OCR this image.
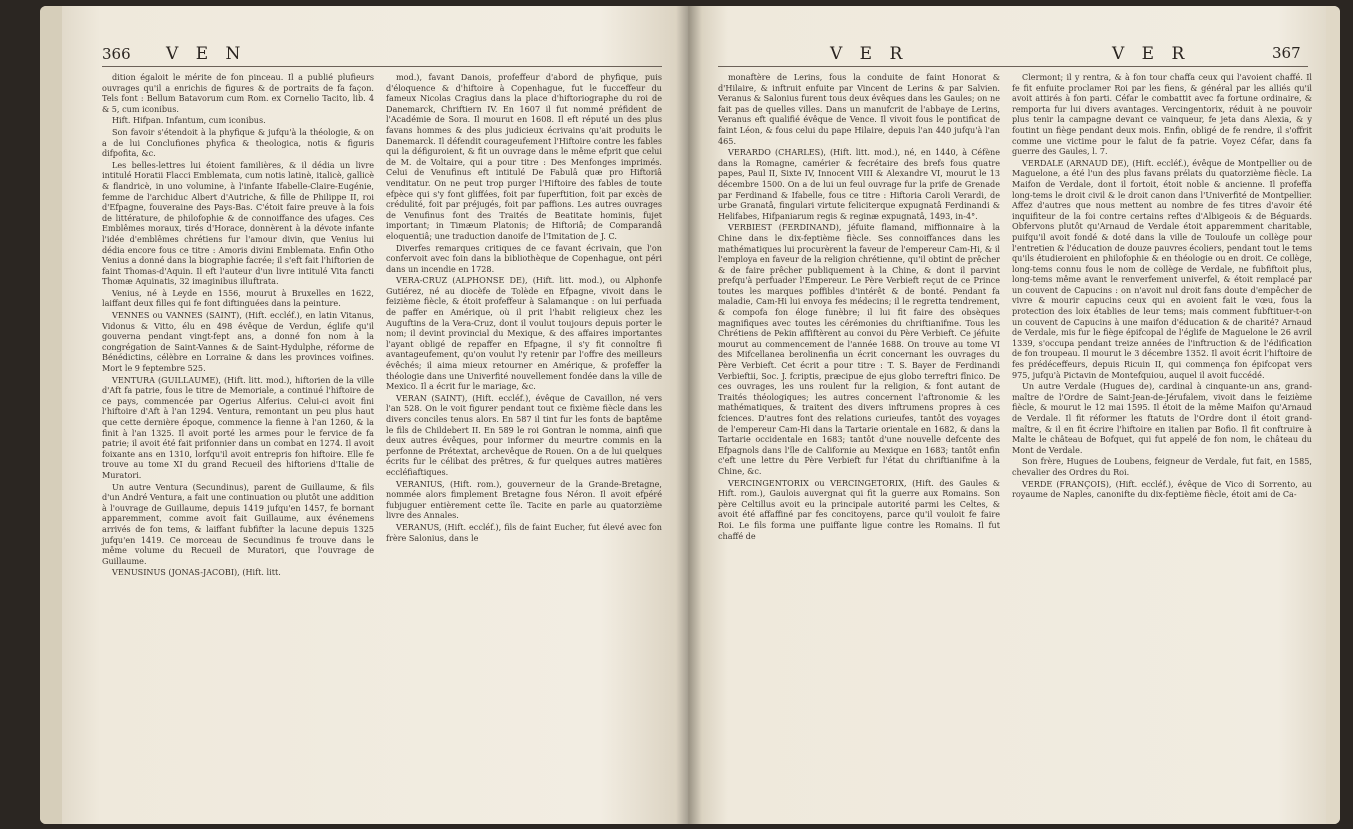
366 V E N

dition égaloit le mérite de fon pinceau. Il a publié plufieurs ouvrages qu'il a enrichis de figures & de portraits de fa façon. Tels font : Bellum Batavorum cum Rom. ex Cornelio Tacito, lib. 4 & 5, cum iconibus.

Hift. Hifpan. Infantum, cum iconibus.

Son favoir s'étendoit à la phyfique & jufqu'à la théologie, & on a de lui Conclufiones phyfica & theologica, notis & figuris difpofita, &c.

Les belles-lettres lui étoient familières, & il dédia un livre intitulé Horatii Flacci Emblemata, cum notis latinè, italicè, gallicè & flandricè, in uno volumine, à l'infante Ifabelle-Claire-Eugénie, femme de l'archiduc Albert d'Autriche, & fille de Philippe II, roi d'Efpagne, fouveraine des Pays-Bas. C'étoit faire preuve à la fois de littérature, de philofophie & de connoiffance des ufages. Ces Emblêmes moraux, tirés d'Horace, donnèrent à la dévote infante l'idée d'emblêmes chrétiens fur l'amour divin, que Venius lui dédia encore fous ce titre : Amoris divini Emblemata. Enfin Otho Venius a donné dans la biographie facrée; il s'eft fait l'hiftorien de faint Thomas-d'Aquin. Il eft l'auteur d'un livre intitulé Vita fancti Thomæ Aquinatis, 32 imaginibus illuftrata.

Venius, né à Leyde en 1556, mourut à Bruxelles en 1622, laiffant deux filles qui fe font diftinguées dans la peinture.

VENNES ou VANNES (SAINT), (Hift. eccléf.), en latin Vitanus, Vidonus & Vitto, élu en 498 évêque de Verdun, églife qu'il gouverna pendant vingt-fept ans, a donné fon nom à la congrégation de Saint-Vannes & de Saint-Hydulphe, réforme de Bénédictins, célèbre en Lorraine & dans les provinces voifines. Mort le 9 feptembre 525.

VENTURA (GUILLAUME), (Hift. litt. mod.), hiftorien de la ville d'Aft fa patrie, fous le titre de Memoriale, a continué l'hiftoire de ce pays, commencée par Ogerius Alferius. Celui-ci avoit fini l'hiftoire d'Aft à l'an 1294. Ventura, remontant un peu plus haut que cette dernière époque, commence la fienne à l'an 1260, & la finit à l'an 1325. Il avoit porté les armes pour le fervice de fa patrie; il avoit été fait prifonnier dans un combat en 1274. Il avoit foixante ans en 1310, lorfqu'il avoit entrepris fon hiftoire. Elle fe trouve au tome XI du grand Recueil des hiftoriens d'Italie de Muratori.

Un autre Ventura (Secundinus), parent de Guillaume, & fils d'un André Ventura, a fait une continuation ou plutôt une addition à l'ouvrage de Guillaume, depuis 1419 jufqu'en 1457, fe bornant apparemment, comme avoit fait Guillaume, aux événemens arrivés de fon tems, & laiffant fubfifter la lacune depuis 1325 jufqu'en 1419. Ce morceau de Secundinus fe trouve dans le même volume du Recueil de Muratori, que l'ouvrage de Guillaume.

VENUSINUS (JONAS-JACOBI), (Hift. litt.

mod.), favant Danois, profeffeur d'abord de phyfique, puis d'éloquence & d'hiftoire à Copenhague, fut le fucceffeur du fameux Nicolas Cragius dans la place d'hiftoriographe du roi de Danemarck, Chriftiern IV. En 1607 il fut nommé préfident de l'Académie de Sora. Il mourut en 1608. Il eft réputé un des plus favans hommes & des plus judicieux écrivains qu'ait produits le Danemarck. Il défendit courageufement l'Hiftoire contre les fables qui la défiguroient, & fit un ouvrage dans le même efprit que celui de M. de Voltaire, qui a pour titre : Des Menfonges imprimés. Celui de Venufinus eft intitulé De Fabulâ quæ pro Hiftoriâ venditatur. On ne peut trop purger l'Hiftoire des fables de toute efpèce qui s'y font gliffées, foit par fuperftition, foit par excès de crédulité, foit par préjugés, foit par paffions. Les autres ouvrages de Venufinus font des Traités de Beatitate hominis, fujet important; in Timæum Platonis; de Hiftoriâ; de Comparandâ eloquentiâ; une traduction danoife de l'Imitation de J. C.

Diverfes remarques critiques de ce favant écrivain, que l'on confervoit avec foin dans la bibliothèque de Copenhague, ont péri dans un incendie en 1728.

VERA-CRUZ (ALPHONSE DE), (Hift. litt. mod.), ou Alphonfe Gutiérez, né au diocèfe de Tolède en Efpagne, vivoit dans le feizième fiècle, & étoit profeffeur à Salamanque : on lui perfuada de paffer en Amérique, où il prit l'habit religieux chez les Auguftins de la Vera-Cruz, dont il voulut toujours depuis porter le nom; il devint provincial du Mexique, & des affaires importantes l'ayant obligé de repaffer en Efpagne, il s'y fit connoître fi avantageufement, qu'on voulut l'y retenir par l'offre des meilleurs évêchés; il aima mieux retourner en Amérique, & profeffer la théologie dans une Univerfité nouvellement fondée dans la ville de Mexico. Il a écrit fur le mariage, &c.

VERAN (SAINT), (Hift. eccléf.), évêque de Cavaillon, né vers l'an 528. On le voit figurer pendant tout ce fixième fiècle dans les divers conciles tenus alors. En 587 il tint fur les fonts de baptême le fils de Childebert II. En 589 le roi Gontran le nomma, ainfi que deux autres évêques, pour informer du meurtre commis en la perfonne de Prétextat, archevêque de Rouen. On a de lui quelques écrits fur le célibat des prêtres, & fur quelques autres matières eccléfiaftiques.

VERANIUS, (Hift. rom.), gouverneur de la Grande-Bretagne, nommée alors fimplement Bretagne fous Néron. Il avoit efpéré fubjuguer entièrement cette île. Tacite en parle au quatorzième livre des Annales.

VERANUS, (Hift. eccléf.), fils de faint Eucher, fut élevé avec fon frère Salonius, dans le

V E R	V E R	367

monaftère de Lerins, fous la conduite de faint Honorat & d'Hilaire, & inftruit enfuite par Vincent de Lerins & par Salvien. Veranus & Salonius furent tous deux évêques dans les Gaules; on ne fait pas de quelles villes. Dans un manufcrit de l'abbaye de Lerins, Veranus eft qualifié évêque de Vence. Il vivoit fous le pontificat de faint Léon, & fous celui du pape Hilaire, depuis l'an 440 jufqu'à l'an 465.

VERARDO (CHARLES), (Hift. litt. mod.), né, en 1440, à Céfène dans la Romagne, camérier & fecrétaire des brefs fous quatre papes, Paul II, Sixte IV, Innocent VIII & Alexandre VI, mourut le 13 décembre 1500. On a de lui un feul ouvrage fur la prife de Grenade par Ferdinand & Ifabelle, fous ce titre : Hiftoria Caroli Verardi, de urbe Granatâ, fingulari virtute feliciterque expugnatâ Ferdinandi & Helifabes, Hifpaniarum regis & reginæ expugnatâ, 1493, in-4°.

VERBIEST (FERDINAND), jéfuite flamand, miffionnaire à la Chine dans le dix-feptième fiècle. Ses connoiffances dans les mathématiques lui procurèrent la faveur de l'empereur Cam-Hi, & il l'employa en faveur de la religion chrétienne, qu'il obtint de prêcher & de faire prêcher publiquement à la Chine, & dont il parvint prefqu'à perfuader l'Empereur. Le Père Verbieft reçut de ce Prince toutes les marques poffibles d'intérêt & de bonté. Pendant fa maladie, Cam-Hi lui envoya fes médecins; il le regretta tendrement, & compofa fon éloge funèbre; il lui fit faire des obsèques magnifiques avec toutes les cérémonies du chriftianifme. Tous les Chrétiens de Pekin affiftèrent au convoi du Père Verbieft. Ce jéfuite mourut au commencement de l'année 1688. On trouve au tome VI des Mifcellanea berolinenfia un écrit concernant les ouvrages du Père Verbieft. Cet écrit a pour titre : T. S. Bayer de Ferdinandi Verbieftii, Soc. J. fcriptis, præcipue de ejus globo terreftri fînico. De ces ouvrages, les uns roulent fur la religion, & font autant de Traités théologiques; les autres concernent l'aftronomie & les mathématiques, & traitent des divers inftrumens propres à ces fciences. D'autres font des relations curieufes, tantôt des voyages de l'empereur Cam-Hi dans la Tartarie orientale en 1682, & dans la Tartarie occidentale en 1683; tantôt d'une nouvelle defcente des Efpagnols dans l'île de Californie au Mexique en 1683; tantôt enfin c'eft une lettre du Père Verbieft fur l'état du chriftianifme à la Chine, &c.

VERCINGENTORIX ou VERCINGETORIX, (Hift. des Gaules & Hift. rom.), Gaulois auvergnat qui fit la guerre aux Romains. Son père Celtillus avoit eu la principale autorité parmi les Celtes, & avoit été affaffiné par fes concitoyens, parce qu'il vouloit fe faire Roi. Le fils forma une puiffante ligue contre les Romains. Il fut chaffé de

Clermont; il y rentra, & à fon tour chaffa ceux qui l'avoient chaffé. Il fe fit enfuite proclamer Roi par les fiens, & général par les alliés qu'il avoit attirés à fon parti. Céfar le combattit avec fa fortune ordinaire, & remporta fur lui divers avantages. Vercingentorix, réduit à ne pouvoir plus tenir la campagne devant ce vainqueur, fe jeta dans Alexia, & y foutint un fiège pendant deux mois. Enfin, obligé de fe rendre, il s'offrit comme une victime pour le falut de fa patrie. Voyez Céfar, dans fa guerre des Gaules, l. 7.

VERDALE (ARNAUD DE), (Hift. eccléf.), évêque de Montpellier ou de Maguelone, a été l'un des plus favans prélats du quatorzième fiècle. La Maifon de Verdale, dont il fortoit, étoit noble & ancienne. Il profeffa long-tems le droit civil & le droit canon dans l'Univerfité de Montpellier. Affez d'autres que nous mettent au nombre de fes titres d'avoir été inquifiteur de la foi contre certains reftes d'Albigeois & de Béguards. Obfervons plutôt qu'Arnaud de Verdale étoit apparemment charitable, puifqu'il avoit fondé & doté dans la ville de Touloufe un collège pour l'entretien & l'éducation de douze pauvres écoliers, pendant tout le tems qu'ils étudieroient en philofophie & en théologie ou en droit. Ce collège, long-tems connu fous le nom de collège de Verdale, ne fubfiftoit plus, long-tems même avant le renverfement univerfel, & étoit remplacé par un couvent de Capucins : on n'avoit nul droit fans doute d'empêcher de vivre & mourir capucins ceux qui en avoient fait le vœu, fous la protection des loix établies de leur tems; mais comment fubftituer-t-on un couvent de Capucins à une maifon d'éducation & de charité? Arnaud de Verdale, mis fur le fiège épifcopal de l'églife de Maguelone le 26 avril 1339, s'occupa pendant treize années de l'inftruction & de l'édification de fon troupeau. Il mourut le 3 décembre 1352. Il avoit écrit l'hiftoire de fes prédéceffeurs, depuis Ricuin II, qui commença fon épifcopat vers 975, jufqu'à Pictavin de Montefquiou, auquel il avoit fuccédé.

Un autre Verdale (Hugues de), cardinal à cinquante-un ans, grand-maître de l'Ordre de Saint-Jean-de-Jérufalem, vivoit dans le feizième fiècle, & mourut le 12 mai 1595. Il étoit de la même Maifon qu'Arnaud de Verdale. Il fit réformer les ftatuts de l'Ordre dont il étoit grand-maître, & il en fit écrire l'hiftoire en italien par Bofio. Il fit conftruire à Malte le château de Bofquet, qui fut appelé de fon nom, le château du Mont de Verdale.

Son frère, Hugues de Loubens, feigneur de Verdale, fut fait, en 1585, chevalier des Ordres du Roi.

VERDE (FRANÇOIS), (Hift. eccléf.), évêque de Vico di Sorrento, au royaume de Naples, canonifte du dix-feptième fiècle, étoit ami de Ca-
